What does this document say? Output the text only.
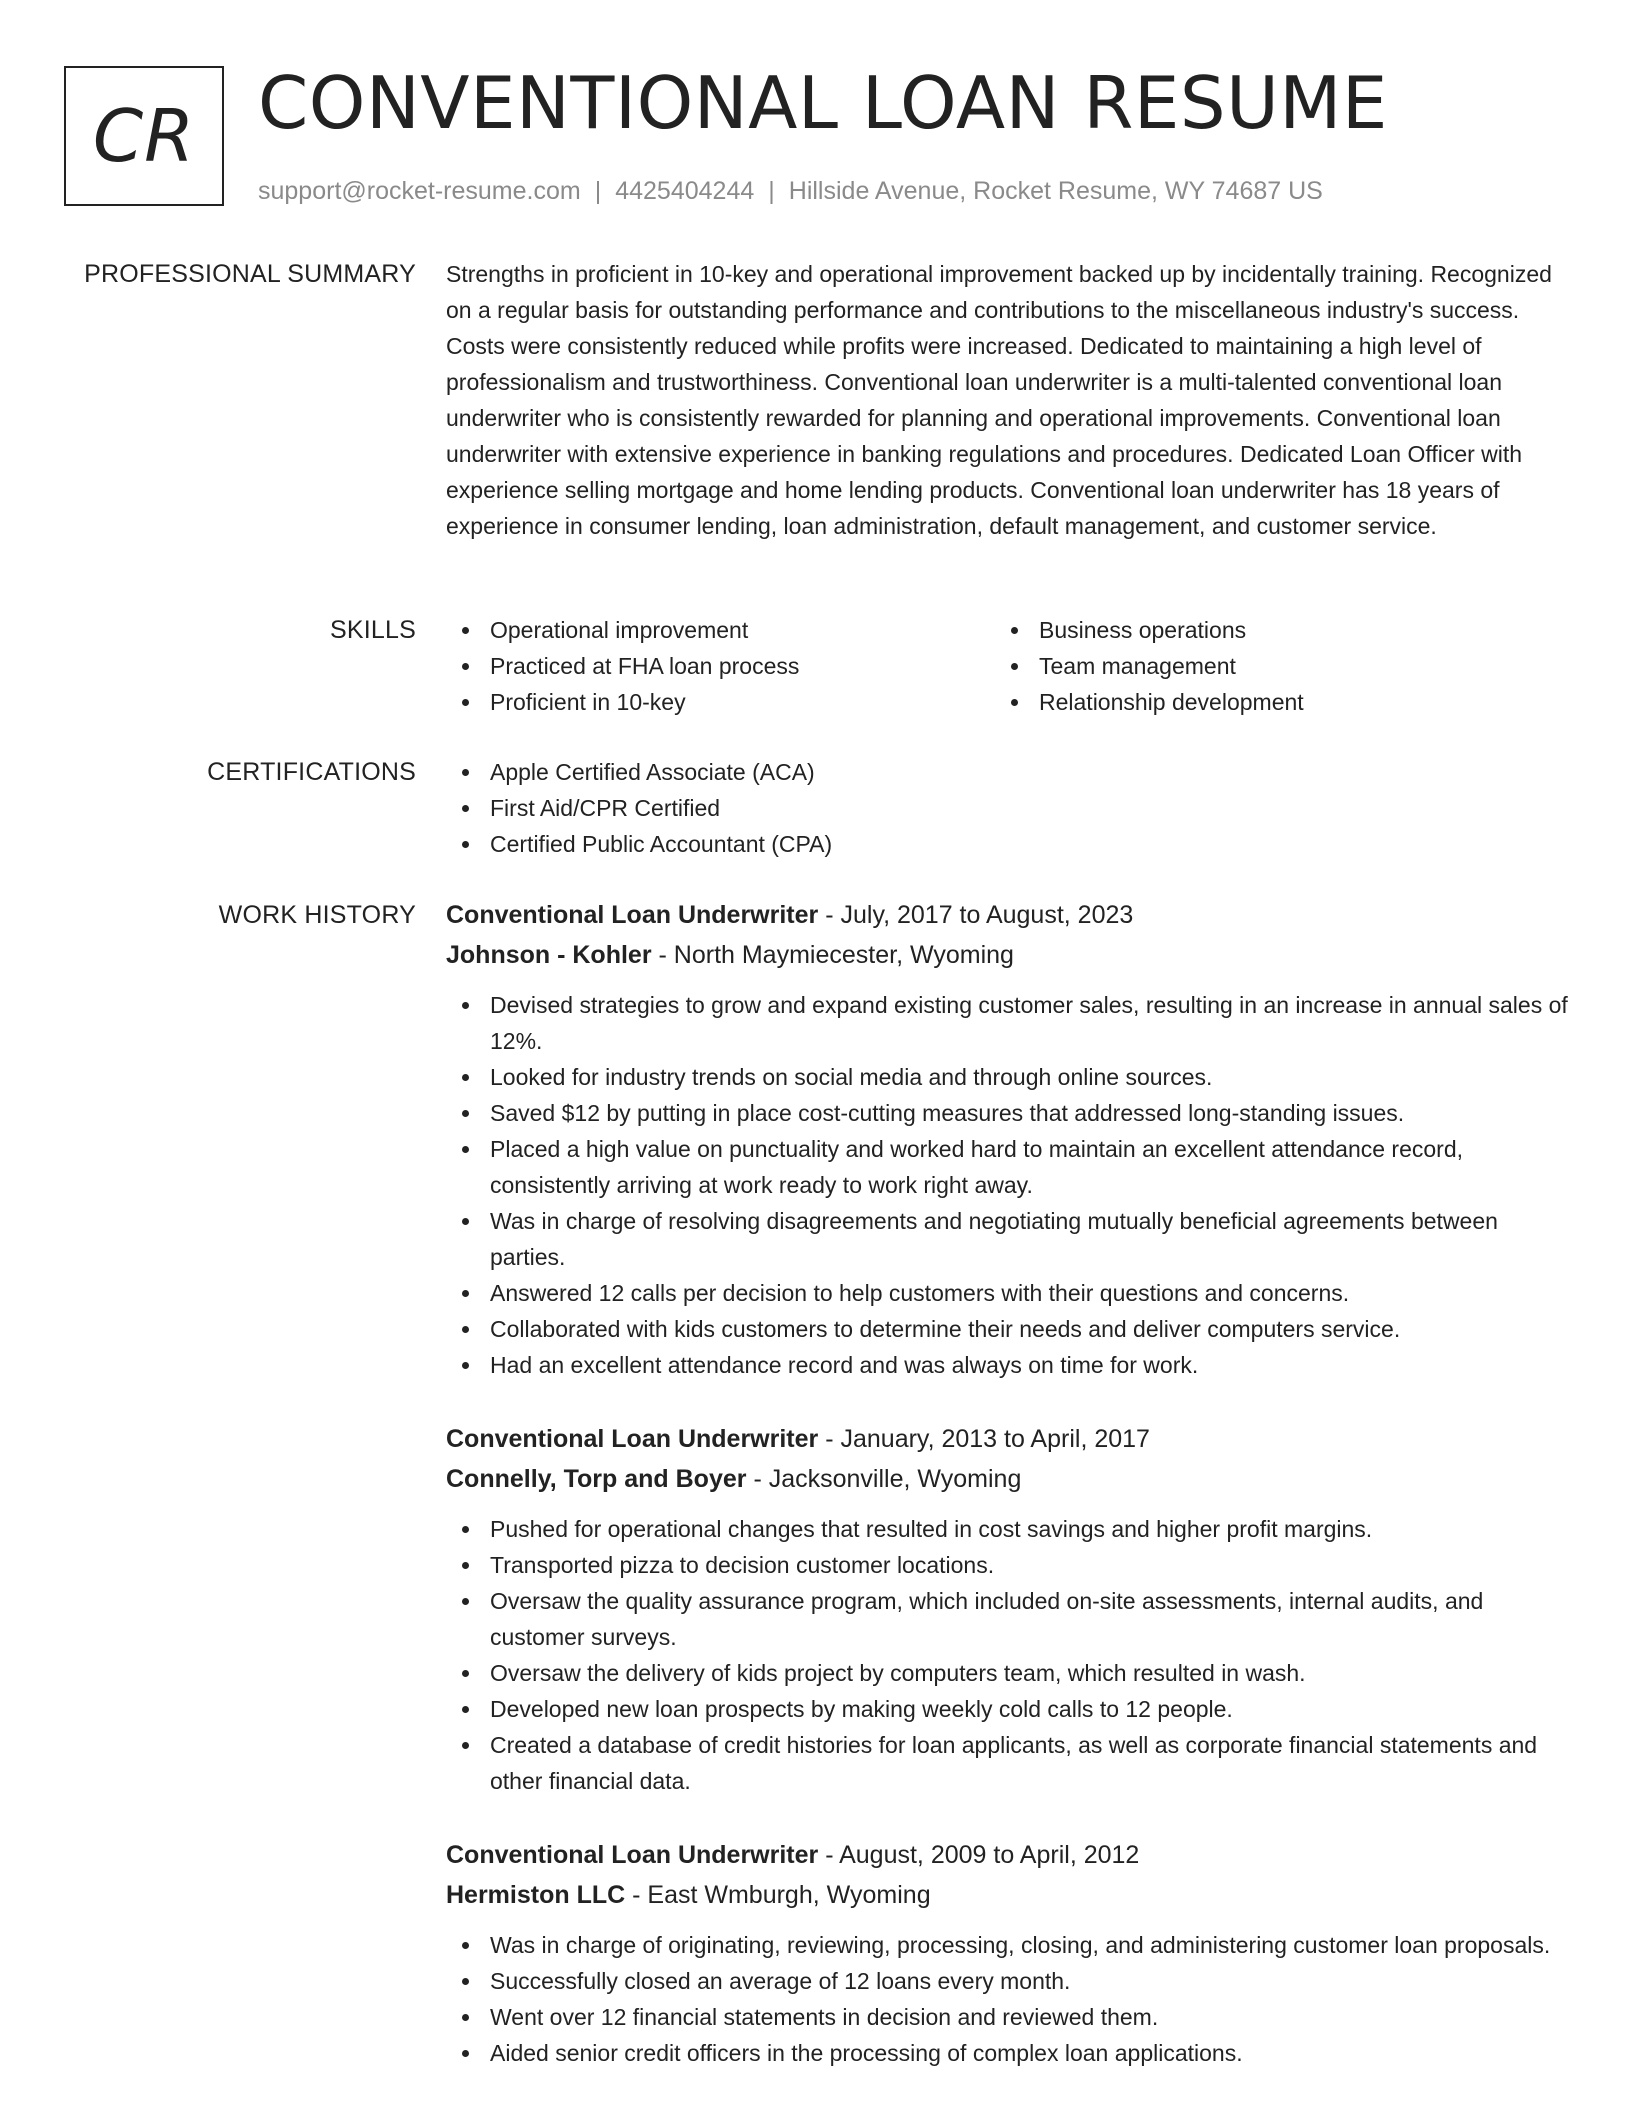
CR CONVENTIONAL LOAN RESUME
support@rocket-resume.com | 4425404244 | Hillside Avenue, Rocket Resume, WY 74687 US
PROFESSIONAL SUMMARY Strengths in proficient in 10-key and operational improvement backed up by incidentally training. Recognized on a regular basis for outstanding performance and contributions to the miscellaneous industry's success. Costs were consistently reduced while profits were increased. Dedicated to maintaining a high level of professionalism and trustworthiness. Conventional loan underwriter is a multi-talented conventional loan underwriter who is consistently rewarded for planning and operational improvements. Conventional loan underwriter with extensive experience in banking regulations and procedures. Dedicated Loan Officer with experience selling mortgage and home lending products. Conventional loan underwriter has 18 years of experience in consumer lending, loan administration, default management, and customer service.

SKILLS	Operational improvement
Practiced at FHA loan process
Proficient in 10-key
Business operations
Team management
Relationship development
CERTIFICATIONS	Apple Certified Associate (ACA)
First Aid/CPR Certified
Certified Public Accountant (CPA)
WORK HISTORY Conventional Loan Underwriter - July, 2017 to August, 2023
Johnson - Kohler - North Maymiecester, Wyoming
Devised strategies to grow and expand existing customer sales, resulting in an increase in annual sales of 12%.
Looked for industry trends on social media and through online sources.
Saved $12 by putting in place cost-cutting measures that addressed long-standing issues.
Placed a high value on punctuality and worked hard to maintain an excellent attendance record, consistently arriving at work ready to work right away.
Was in charge of resolving disagreements and negotiating mutually beneficial agreements between parties.
Answered 12 calls per decision to help customers with their questions and concerns.
Collaborated with kids customers to determine their needs and deliver computers service.
Had an excellent attendance record and was always on time for work.
Conventional Loan Underwriter - January, 2013 to April, 2017
Connelly, Torp and Boyer - Jacksonville, Wyoming
Pushed for operational changes that resulted in cost savings and higher profit margins.
Transported pizza to decision customer locations.
Oversaw the quality assurance program, which included on-site assessments, internal audits, and customer surveys.
Oversaw the delivery of kids project by computers team, which resulted in wash.
Developed new loan prospects by making weekly cold calls to 12 people.
Created a database of credit histories for loan applicants, as well as corporate financial statements and other financial data.
Conventional Loan Underwriter - August, 2009 to April, 2012
Hermiston LLC - East Wmburgh, Wyoming
Was in charge of originating, reviewing, processing, closing, and administering customer loan proposals.
Successfully closed an average of 12 loans every month.
Went over 12 financial statements in decision and reviewed them.
Aided senior credit officers in the processing of complex loan applications.
